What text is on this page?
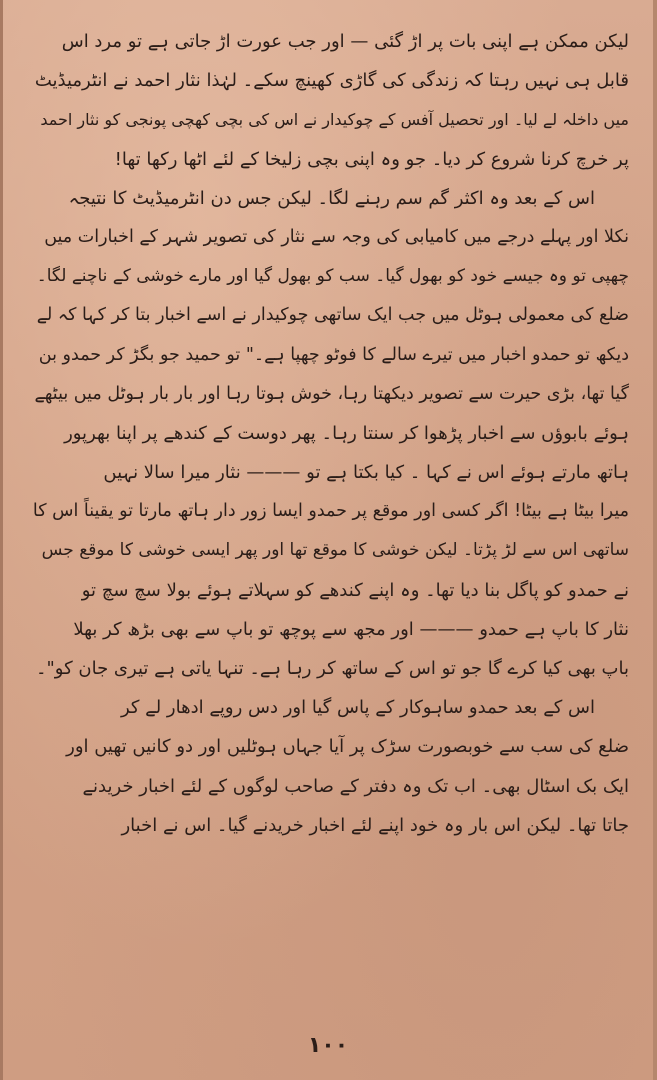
لیکن ممکن ہے اپنی بات پر اڑ گئی — اور جب عورت اڑ جاتی ہے تو مرد اس
قابل ہی نہیں رہتا کہ زندگی کی گاڑی کھینچ سکے۔ لہٰذا نثار احمد نے انٹرمیڈیٹ
میں داخلہ لے لیا۔ اور تحصیل آفس کے چوکیدار نے اس کی بچی کھچی پونجی کو نثار احمد
پر خرچ کرنا شروع کر دیا۔ جو وہ اپنی بچی زلیخا کے لئے اٹھا رکھا تھا!
اس کے بعد وہ اکثر گم سم رہنے لگا۔ لیکن جس دن انٹرمیڈیٹ کا نتیجہ
نکلا اور پہلے درجے میں کامیابی کی وجہ سے نثار کی تصویر شہر کے اخبارات میں
چھپی تو وہ جیسے خود کو بھول گیا۔ سب کو بھول گیا اور مارے خوشی کے ناچنے لگا۔
ضلع کی معمولی ہوٹل میں جب ایک ساتھی چوکیدار نے اسے اخبار بتا کر کہا کہ لے
دیکھ تو حمدو اخبار میں تیرے سالے کا فوٹو چھپا ہے۔" تو حمید جو بگڑ کر حمدو بن
گیا تھا، بڑی حیرت سے تصویر دیکھتا رہا، خوش ہوتا رہا اور بار بار ہوٹل میں بیٹھے
ہوئے بابوؤں سے اخبار پڑھوا کر سنتا رہا۔ پھر دوست کے کندھے پر اپنا بھرپور
ہاتھ مارتے ہوئے اس نے کہا ۔ کیا بکتا ہے تو ——— نثار میرا سالا نہیں
میرا بیٹا ہے بیٹا! اگر کسی اور موقع پر حمدو ایسا زور دار ہاتھ مارتا تو یقیناً اس کا
ساتھی اس سے لڑ پڑتا۔ لیکن خوشی کا موقع تھا اور پھر ایسی خوشی کا موقع جس
نے حمدو کو پاگل بنا دیا تھا۔ وہ اپنے کندھے کو سہلاتے ہوئے بولا سچ سچ تو
نثار کا باپ ہے حمدو ——— اور مجھ سے پوچھ تو باپ سے بھی بڑھ کر بھلا
باپ بھی کیا کرے گا جو تو اس کے ساتھ کر رہا ہے۔ تنہا یاتی ہے تیری جان کو"۔
اس کے بعد حمدو ساہوکار کے پاس گیا اور دس روپے ادھار لے کر
ضلع کی سب سے خوبصورت سڑک پر آیا جہاں ہوٹلیں اور دو کانیں تھیں اور
ایک بک اسٹال بھی۔ اب تک وہ دفتر کے صاحب لوگوں کے لئے اخبار خریدنے
جاتا تھا۔ لیکن اس بار وہ خود اپنے لئے اخبار خریدنے گیا۔ اس نے اخبار
۱۰۰
